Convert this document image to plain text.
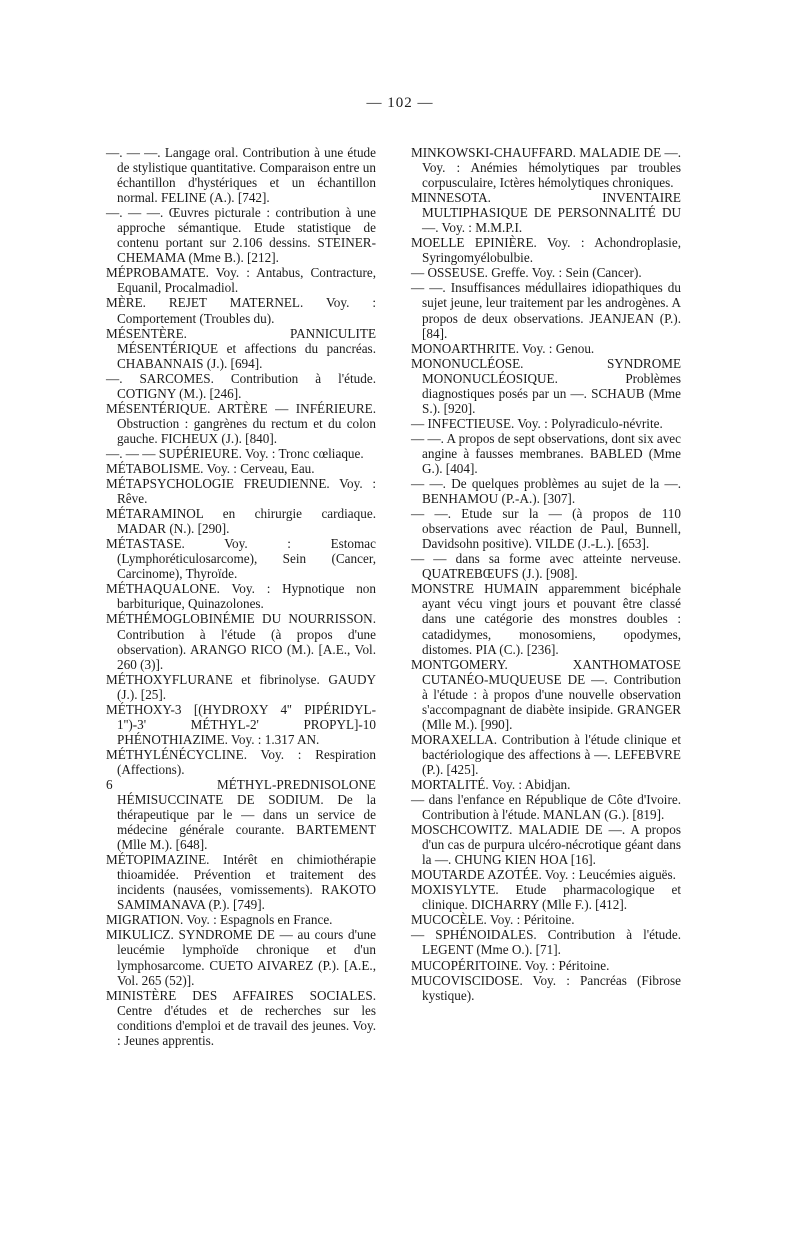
— 102 —

—. — —. Langage oral. Contribution à une étude de stylistique quantitative. Comparaison entre un échantillon d'hystériques et un échantillon normal. FELINE (A.). [742].

—. — —. Œuvres picturale : contribution à une approche sémantique. Etude statistique de contenu portant sur 2.106 dessins. STEINER-CHEMAMA (Mme B.). [212].

MÉPROBAMATE. Voy. : Antabus, Contracture, Equanil, Procalmadiol.

MÈRE. REJET MATERNEL. Voy. : Comportement (Troubles du).

MÉSENTÈRE. PANNICULITE MÉSENTÉRIQUE et affections du pancréas. CHABANNAIS (J.). [694].

—. SARCOMES. Contribution à l'étude. COTIGNY (M.). [246].

MÉSENTÉRIQUE. ARTÈRE — INFÉRIEURE. Obstruction : gangrènes du rectum et du colon gauche. FICHEUX (J.). [840].

—. — — SUPÉRIEURE. Voy. : Tronc cœliaque.

MÉTABOLISME. Voy. : Cerveau, Eau.

MÉTAPSYCHOLOGIE FREUDIENNE. Voy. : Rêve.

MÉTARAMINOL en chirurgie cardiaque. MADAR (N.). [290].

MÉTASTASE. Voy. : Estomac (Lymphoréticulosarcome), Sein (Cancer, Carcinome), Thyroïde.

MÉTHAQUALONE. Voy. : Hypnotique non barbiturique, Quinazolones.

MÉTHÉMOGLOBINÉMIE DU NOURRISSON. Contribution à l'étude (à propos d'une observation). ARANGO RICO (M.). [A.E., Vol. 260 (3)].

MÉTHOXYFLURANE et fibrinolyse. GAUDY (J.). [25].

MÉTHOXY-3 [(HYDROXY 4'' PIPÉRIDYL-1'')-3' MÉTHYL-2' PROPYL]-10 PHÉNOTHIAZIME. Voy. : 1.317 AN.

MÉTHYLÉNÉCYCLINE. Voy. : Respiration (Affections).

6 MÉTHYL-PREDNISOLONE HÉMISUCCINATE DE SODIUM. De la thérapeutique par le — dans un service de médecine générale courante. BARTEMENT (Mlle M.). [648].

MÉTOPIMAZINE. Intérêt en chimiothérapie thioamidée. Prévention et traitement des incidents (nausées, vomissements). RAKOTO SAMIMANAVA (P.). [749].

MIGRATION. Voy. : Espagnols en France.

MIKULICZ. SYNDROME DE — au cours d'une leucémie lymphoïde chronique et d'un lymphosarcome. CUETO AIVAREZ (P.). [A.E., Vol. 265 (52)].

MINISTÈRE DES AFFAIRES SOCIALES. Centre d'études et de recherches sur les conditions d'emploi et de travail des jeunes. Voy. : Jeunes apprentis.

MINKOWSKI-CHAUFFARD. MALADIE DE —. Voy. : Anémies hémolytiques par troubles corpusculaire, Ictères hémolytiques chroniques.

MINNESOTA. INVENTAIRE MULTIPHASIQUE DE PERSONNALITÉ DU —. Voy. : M.M.P.I.

MOELLE EPINIÈRE. Voy. : Achondroplasie, Syringomyélobulbie.

— OSSEUSE. Greffe. Voy. : Sein (Cancer).

— —. Insuffisances médullaires idiopathiques du sujet jeune, leur traitement par les androgènes. A propos de deux observations. JEANJEAN (P.). [84].

MONOARTHRITE. Voy. : Genou.

MONONUCLÉOSE. SYNDROME MONONUCLÉOSIQUE. Problèmes diagnostiques posés par un —. SCHAUB (Mme S.). [920].

— INFECTIEUSE. Voy. : Polyradiculo-névrite.

— —. A propos de sept observations, dont six avec angine à fausses membranes. BABLED (Mme G.). [404].

— —. De quelques problèmes au sujet de la —. BENHAMOU (P.-A.). [307].

— —. Etude sur la — (à propos de 110 observations avec réaction de Paul, Bunnell, Davidsohn positive). VILDE (J.-L.). [653].

— — dans sa forme avec atteinte nerveuse. QUATREBŒUFS (J.). [908].

MONSTRE HUMAIN apparemment bicéphale ayant vécu vingt jours et pouvant être classé dans une catégorie des monstres doubles : catadidymes, monosomiens, opodymes, distomes. PIA (C.). [236].

MONTGOMERY. XANTHOMATOSE CUTANÉO-MUQUEUSE DE —. Contribution à l'étude : à propos d'une nouvelle observation s'accompagnant de diabète insipide. GRANGER (Mlle M.). [990].

MORAXELLA. Contribution à l'étude clinique et bactériologique des affections à —. LEFEBVRE (P.). [425].

MORTALITÉ. Voy. : Abidjan.

— dans l'enfance en République de Côte d'Ivoire. Contribution à l'étude. MANLAN (G.). [819].

MOSCHCOWITZ. MALADIE DE —. A propos d'un cas de purpura ulcéro-nécrotique géant dans la —. CHUNG KIEN HOA [16].

MOUTARDE AZOTÉE. Voy. : Leucémies aiguës.

MOXISYLYTE. Etude pharmacologique et clinique. DICHARRY (Mlle F.). [412].

MUCOCÈLE. Voy. : Péritoine.

— SPHÉNOIDALES. Contribution à l'étude. LEGENT (Mme O.). [71].

MUCOPÉRITOINE. Voy. : Péritoine.

MUCOVISCIDOSE. Voy. : Pancréas (Fibrose kystique).
